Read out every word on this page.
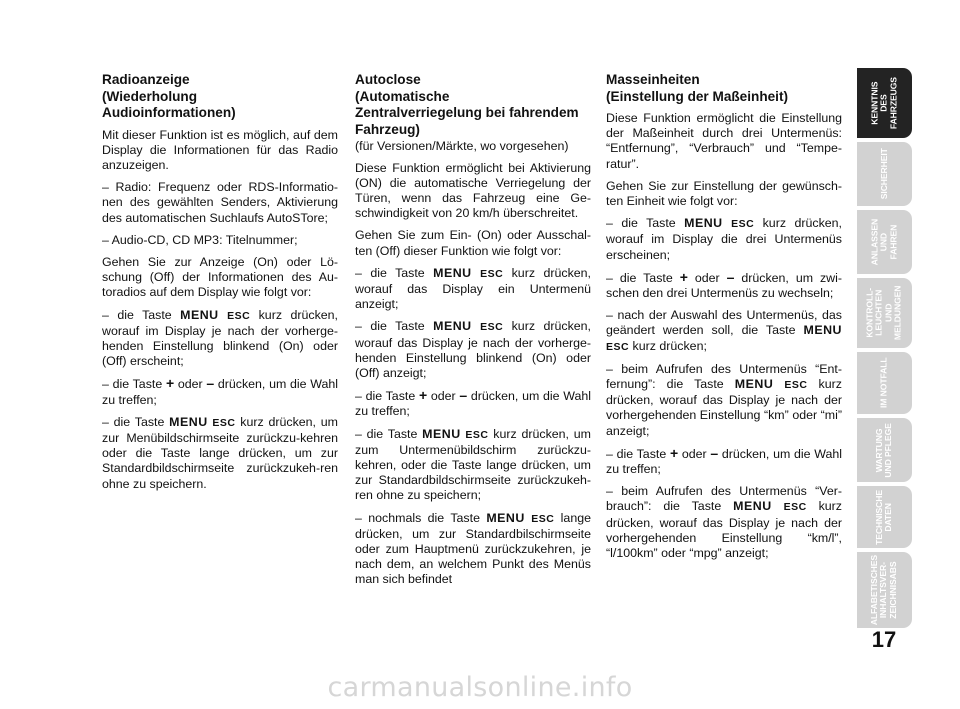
Radioanzeige
(Wiederholung
Audioinformationen)

Mit dieser Funktion ist es möglich, auf dem Display die Informationen für das Radio anzuzeigen.

– Radio: Frequenz oder RDS-Informatio-nen des gewählten Senders, Aktivierung des automatischen Suchlaufs AutoSTore;

– Audio-CD, CD MP3: Titelnummer;

Gehen Sie zur Anzeige (On) oder Lö-schung (Off) der Informationen des Au-toradios auf dem Display wie folgt vor:

– die Taste MENU ESC kurz drücken, worauf im Display je nach der vorherge-henden Einstellung blinkend (On) oder (Off) erscheint;

– die Taste + oder – drücken, um die Wahl zu treffen;

– die Taste MENU ESC kurz drücken, um zur Menübildschirmseite zurückzu-kehren oder die Taste lange drücken, um zur Standardbildschirmseite zurückzukeh-ren ohne zu speichern.

Autoclose
(Automatische
Zentralverriegelung bei fahrendem
Fahrzeug)
(für Versionen/Märkte, wo vorgesehen)

Diese Funktion ermöglicht bei Aktivierung (ON) die automatische Verriegelung der Türen, wenn das Fahrzeug eine Ge-schwindigkeit von 20 km/h überschreitet.

Gehen Sie zum Ein- (On) oder Ausschal-ten (Off) dieser Funktion wie folgt vor:

– die Taste MENU ESC kurz drücken, worauf das Display ein Untermenü anzeigt;

– die Taste MENU ESC kurz drücken, worauf das Display je nach der vorherge-henden Einstellung blinkend (On) oder (Off) anzeigt;

– die Taste + oder – drücken, um die Wahl zu treffen;

– die Taste MENU ESC kurz drücken, um zum Untermenübildschirm zurückzu-kehren, oder die Taste lange drücken, um zur Standardbildschirmseite zurückzukeh-ren ohne zu speichern;

– nochmals die Taste MENU ESC lange drücken, um zur Standardbilschirmseite oder zum Hauptmenü zurückzukehren, je nach dem, an welchem Punkt des Menüs man sich befindet

Masseinheiten
(Einstellung der Maßeinheit)

Diese Funktion ermöglicht die Einstellung der Maßeinheit durch drei Untermenüs: “Entfernung”, “Verbrauch” und “Tempe-ratur”.

Gehen Sie zur Einstellung der gewünsch-ten Einheit wie folgt vor:

– die Taste MENU ESC kurz drücken, worauf im Display die drei Untermenüs erscheinen;

– die Taste + oder – drücken, um zwi-schen den drei Untermenüs zu wechseln;

– nach der Auswahl des Untermenüs, das geändert werden soll, die Taste MENU ESC kurz drücken;

– beim Aufrufen des Untermenüs “Ent-fernung”: die Taste MENU ESC kurz drücken, worauf das Display je nach der vorhergehenden Einstellung “km” oder “mi” anzeigt;

– die Taste + oder – drücken, um die Wahl zu treffen;

– beim Aufrufen des Untermenüs “Ver-brauch”: die Taste MENU ESC kurz drücken, worauf das Display je nach der vorhergehenden Einstellung “km/l”, “l/100km” oder “mpg” anzeigt;

KENNTNIS DES
FAHRZEUGS
SICHERHEIT
ANLASSEN
UND FAHREN
KONTROLL-
LEUCHTEN UND
MELDUNGEN
IM NOTFALL
WARTUNG
UND PFLEGE
TECHNISCHE
DATEN
ALFABETISCHES
INHALTSVER-
ZEICHNISABS
17
carmanualsonline.info
